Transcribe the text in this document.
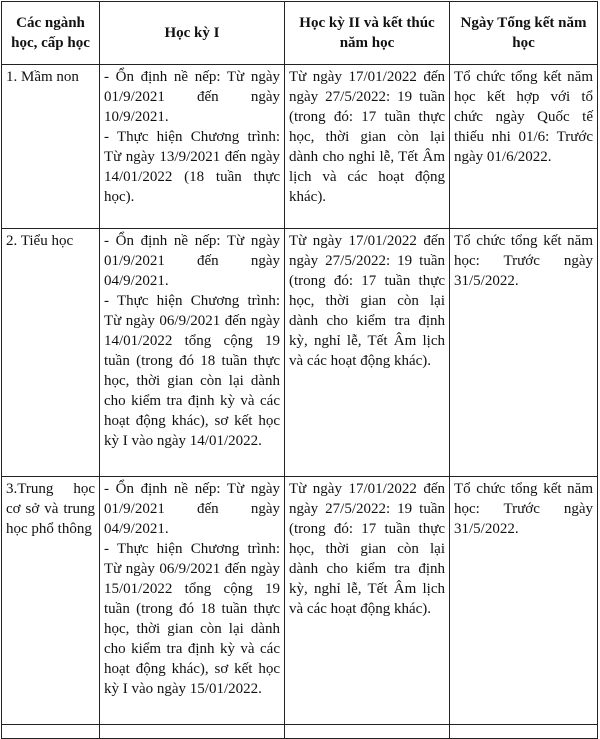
Các ngành học, cấp học	Học kỳ I	Học kỳ II và kết thúc năm học	Ngày Tổng kết năm học
1. Mầm non	- Ổn định nề nếp: Từ ngày 01/9/2021 đến ngày 10/9/2021.
- Thực hiện Chương trình: Từ ngày 13/9/2021 đến ngày 14/01/2022 (18 tuần thực học).	Từ ngày 17/01/2022 đến ngày 27/5/2022: 19 tuần (trong đó: 17 tuần thực học, thời gian còn lại dành cho nghỉ lễ, Tết Âm lịch và các hoạt động khác).	Tổ chức tổng kết năm học kết hợp với tổ chức ngày Quốc tế thiếu nhi 01/6: Trước ngày 01/6/2022.
2. Tiểu học	- Ổn định nề nếp: Từ ngày 01/9/2021 đến ngày 04/9/2021.
- Thực hiện Chương trình: Từ ngày 06/9/2021 đến ngày 14/01/2022 tổng cộng 19 tuần (trong đó 18 tuần thực học, thời gian còn lại dành cho kiểm tra định kỳ và các hoạt động khác), sơ kết học kỳ I vào ngày 14/01/2022.	Từ ngày 17/01/2022 đến ngày 27/5/2022: 19 tuần (trong đó: 17 tuần thực học, thời gian còn lại dành cho kiểm tra định kỳ, nghỉ lễ, Tết Âm lịch và các hoạt động khác).	Tổ chức tổng kết năm học: Trước ngày 31/5/2022.
3.Trung học cơ sở và trung học phổ thông	- Ổn định nề nếp: Từ ngày 01/9/2021 đến ngày 04/9/2021.
- Thực hiện Chương trình: Từ ngày 06/9/2021 đến ngày 15/01/2022 tổng cộng 19 tuần (trong đó 18 tuần thực học, thời gian còn lại dành cho kiểm tra định kỳ và các hoạt động khác), sơ kết học kỳ I vào ngày 15/01/2022.	Từ ngày 17/01/2022 đến ngày 27/5/2022: 19 tuần (trong đó: 17 tuần thực học, thời gian còn lại dành cho kiểm tra định kỳ, nghỉ lễ, Tết Âm lịch và các hoạt động khác).	Tổ chức tổng kết năm học: Trước ngày 31/5/2022.
